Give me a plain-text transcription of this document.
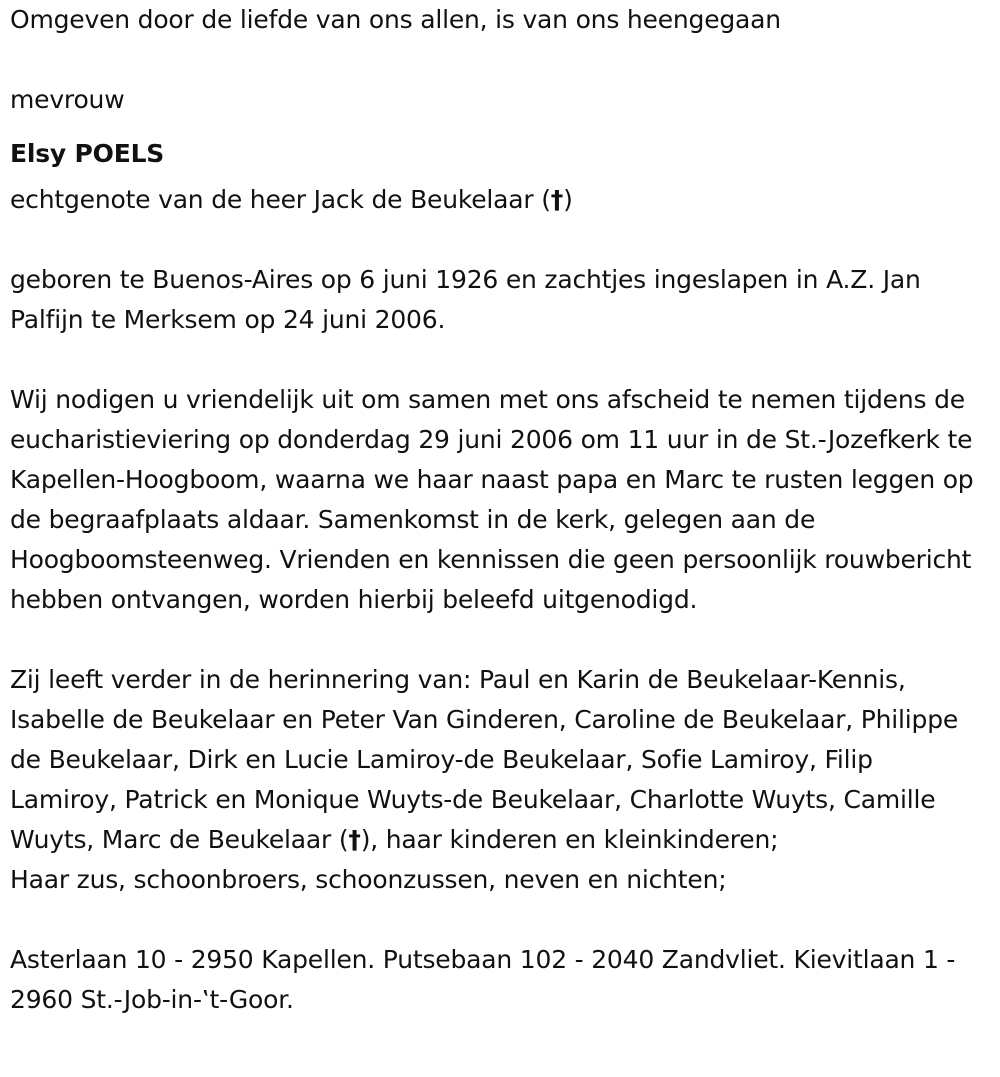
Omgeven door de liefde van ons allen, is van ons heengegaan

mevrouw

Elsy POELS

echtgenote van de heer Jack de Beukelaar (†)

geboren te Buenos-Aires op 6 juni 1926 en zachtjes ingeslapen in A.Z. Jan Palfijn te Merksem op 24 juni 2006.

Wij nodigen u vriendelijk uit om samen met ons afscheid te nemen tijdens de eucharistieviering op donderdag 29 juni 2006 om 11 uur in de St.-Jozefkerk te Kapellen-Hoogboom, waarna we haar naast papa en Marc te rusten leggen op de begraafplaats aldaar. Samenkomst in de kerk, gelegen aan de Hoogboomsteenweg. Vrienden en kennissen die geen persoonlijk rouwbericht hebben ontvangen, worden hierbij beleefd uitgenodigd.

Zij leeft verder in de herinnering van: Paul en Karin de Beukelaar-Kennis, Isabelle de Beukelaar en Peter Van Ginderen, Caroline de Beukelaar, Philippe de Beukelaar, Dirk en Lucie Lamiroy-de Beukelaar, Sofie Lamiroy, Filip Lamiroy, Patrick en Monique Wuyts-de Beukelaar, Charlotte Wuyts, Camille Wuyts, Marc de Beukelaar (†), haar kinderen en kleinkinderen;

Haar zus, schoonbroers, schoonzussen, neven en nichten;

Asterlaan 10 - 2950 Kapellen. Putsebaan 102 - 2040 Zandvliet. Kievitlaan 1 - 2960 St.-Job-in-‛t-Goor.
